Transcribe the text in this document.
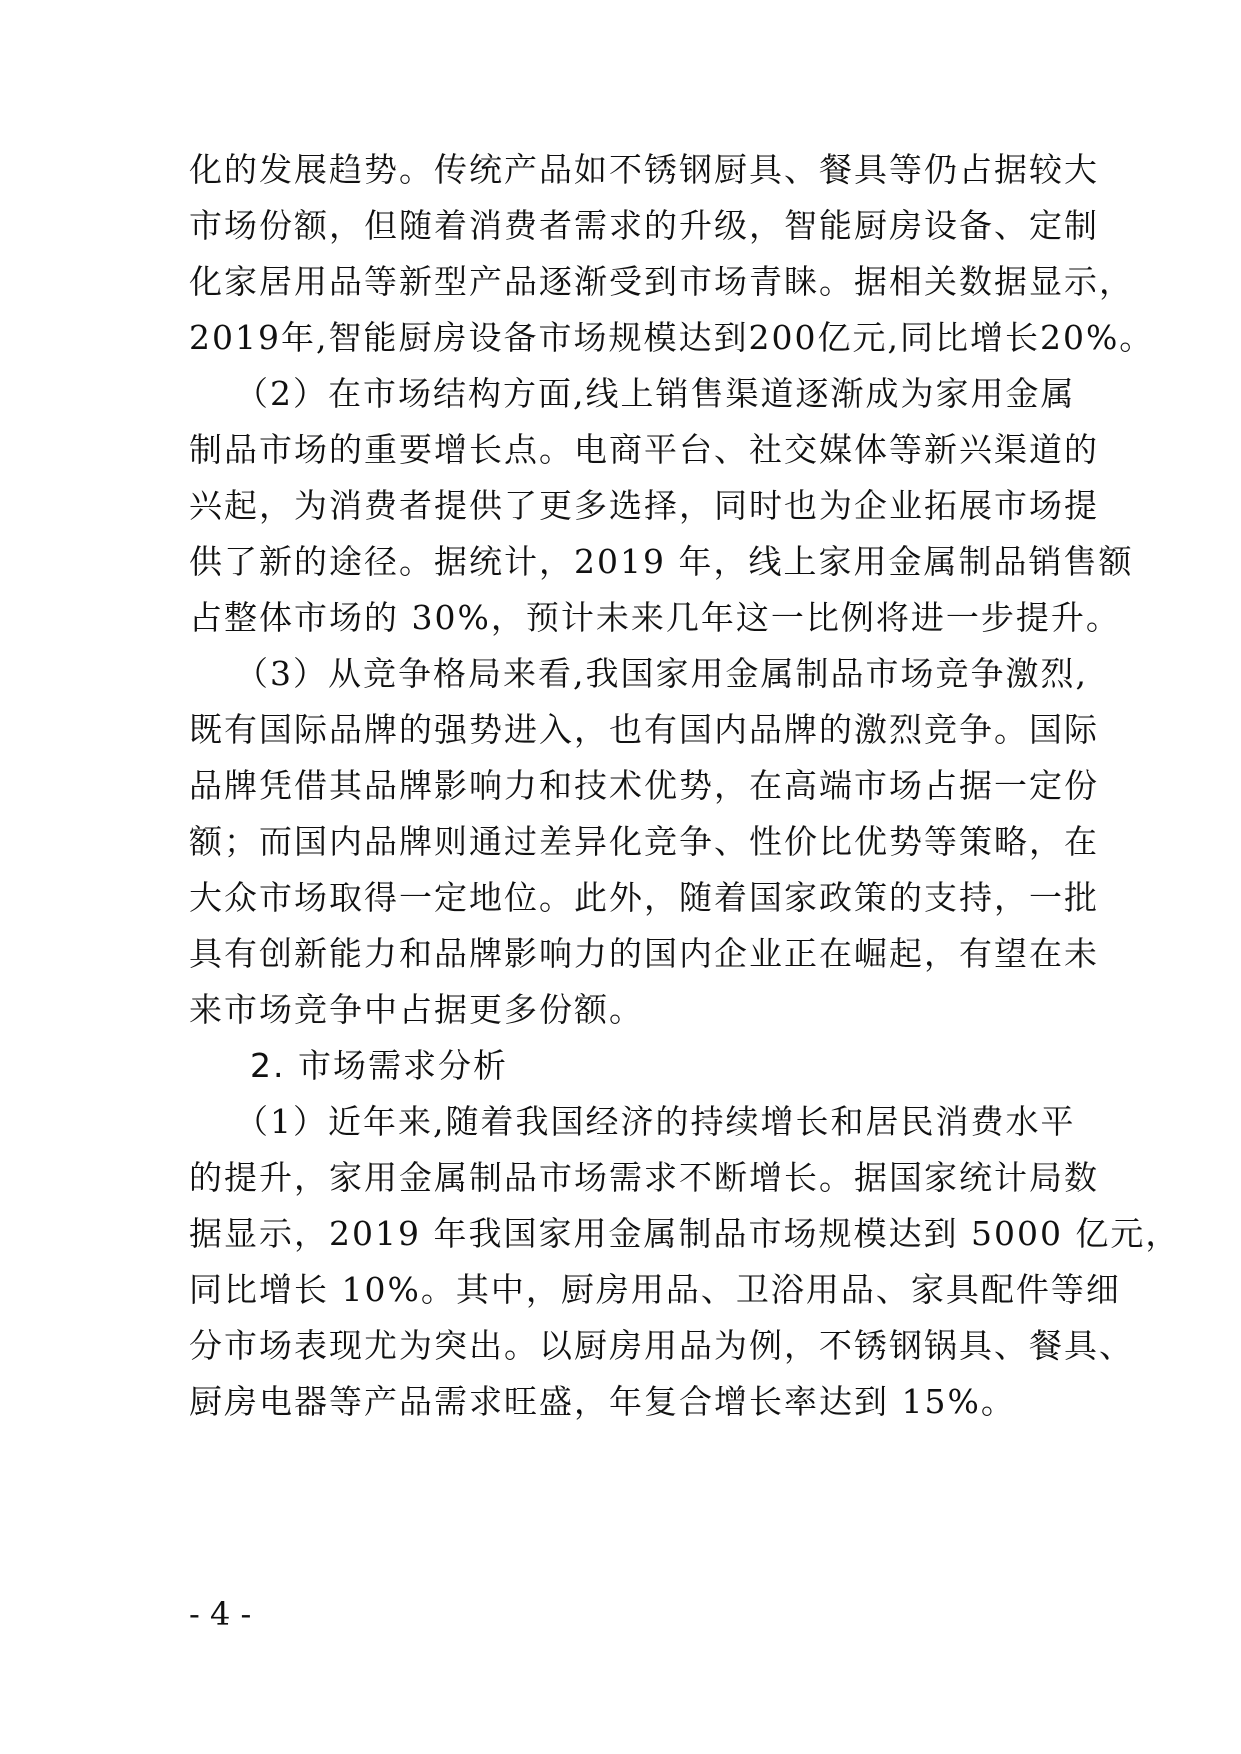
化的发展趋势。传统产品如不锈钢厨具、餐具等仍占据较大
市场份额，但随着消费者需求的升级，智能厨房设备、定制
化家居用品等新型产品逐渐受到市场青睐。据相关数据显示，
2019年,智能厨房设备市场规模达到200亿元,同比增长20%。
（2）在市场结构方面,线上销售渠道逐渐成为家用金属
制品市场的重要增长点。电商平台、社交媒体等新兴渠道的
兴起，为消费者提供了更多选择，同时也为企业拓展市场提
供了新的途径。据统计，2019 年，线上家用金属制品销售额
占整体市场的 30%，预计未来几年这一比例将进一步提升。
（3）从竞争格局来看,我国家用金属制品市场竞争激烈,
既有国际品牌的强势进入，也有国内品牌的激烈竞争。国际
品牌凭借其品牌影响力和技术优势，在高端市场占据一定份
额；而国内品牌则通过差异化竞争、性价比优势等策略，在
大众市场取得一定地位。此外，随着国家政策的支持，一批
具有创新能力和品牌影响力的国内企业正在崛起，有望在未
来市场竞争中占据更多份额。
2. 市场需求分析
（1）近年来,随着我国经济的持续增长和居民消费水平
的提升，家用金属制品市场需求不断增长。据国家统计局数
据显示，2019 年我国家用金属制品市场规模达到 5000 亿元，
同比增长 10%。其中，厨房用品、卫浴用品、家具配件等细
分市场表现尤为突出。以厨房用品为例，不锈钢锅具、餐具、
厨房电器等产品需求旺盛，年复合增长率达到 15%。
- 4 -
